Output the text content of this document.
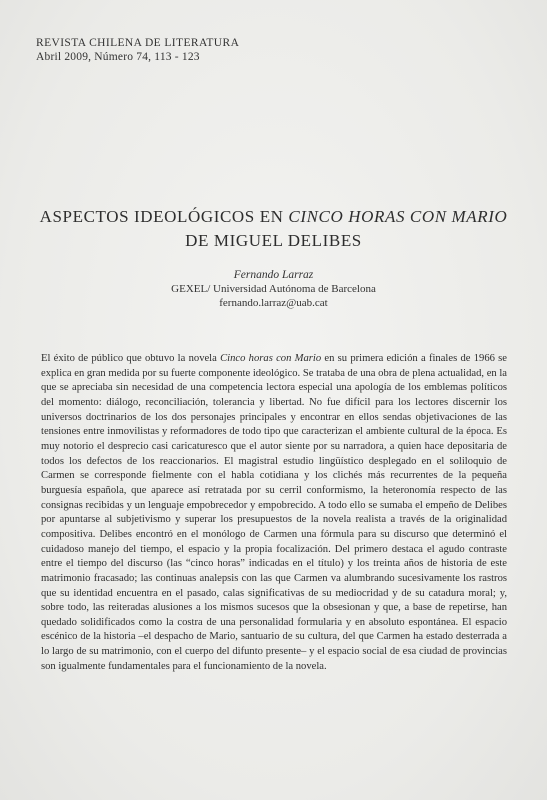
REVISTA CHILENA DE LITERATURA
Abril 2009, Número 74, 113 - 123
ASPECTOS IDEOLÓGICOS EN CINCO HORAS CON MARIO
DE MIGUEL DELIBES
Fernando Larraz
GEXEL/ Universidad Autónoma de Barcelona
fernando.larraz@uab.cat

El éxito de público que obtuvo la novela Cinco horas con Mario en su primera edición a finales de 1966 se explica en gran medida por su fuerte componente ideológico. Se trataba de una obra de plena actualidad, en la que se apreciaba sin necesidad de una competencia lectora especial una apología de los emblemas políticos del momento: diálogo, reconciliación, tolerancia y libertad. No fue difícil para los lectores discernir los universos doctrinarios de los dos personajes principales y encontrar en ellos sendas objetivaciones de las tensiones entre inmovilistas y reformadores de todo tipo que caracterizan el ambiente cultural de la época. Es muy notorio el desprecio casi caricaturesco que el autor siente por su narradora, a quien hace depositaria de todos los defectos de los reaccionarios. El magistral estudio lingüístico desplegado en el soliloquio de Carmen se corresponde fielmente con el habla cotidiana y los clichés más recurrentes de la pequeña burguesía española, que aparece así retratada por su cerril conformismo, la heteronomía respecto de las consignas recibidas y un lenguaje empobrecedor y empobrecido. A todo ello se sumaba el empeño de Delibes por apuntarse al subjetivismo y superar los presupuestos de la novela realista a través de la originalidad compositiva. Delibes encontró en el monólogo de Carmen una fórmula para su discurso que determinó el cuidadoso manejo del tiempo, el espacio y la propia focalización. Del primero destaca el agudo contraste entre el tiempo del discurso (las “cinco horas” indicadas en el título) y los treinta años de historia de este matrimonio fracasado; las continuas analepsis con las que Carmen va alumbrando sucesivamente los rastros que su identidad encuentra en el pasado, calas significativas de su mediocridad y de su catadura moral; y, sobre todo, las reiteradas alusiones a los mismos sucesos que la obsesionan y que, a base de repetirse, han quedado solidificados como la costra de una personalidad formularia y en absoluto espontánea. El espacio escénico de la historia –el despacho de Mario, santuario de su cultura, del que Carmen ha estado desterrada a lo largo de su matrimonio, con el cuerpo del difunto presente– y el espacio social de esa ciudad de provincias son igualmente fundamentales para el funcionamiento de la novela.
